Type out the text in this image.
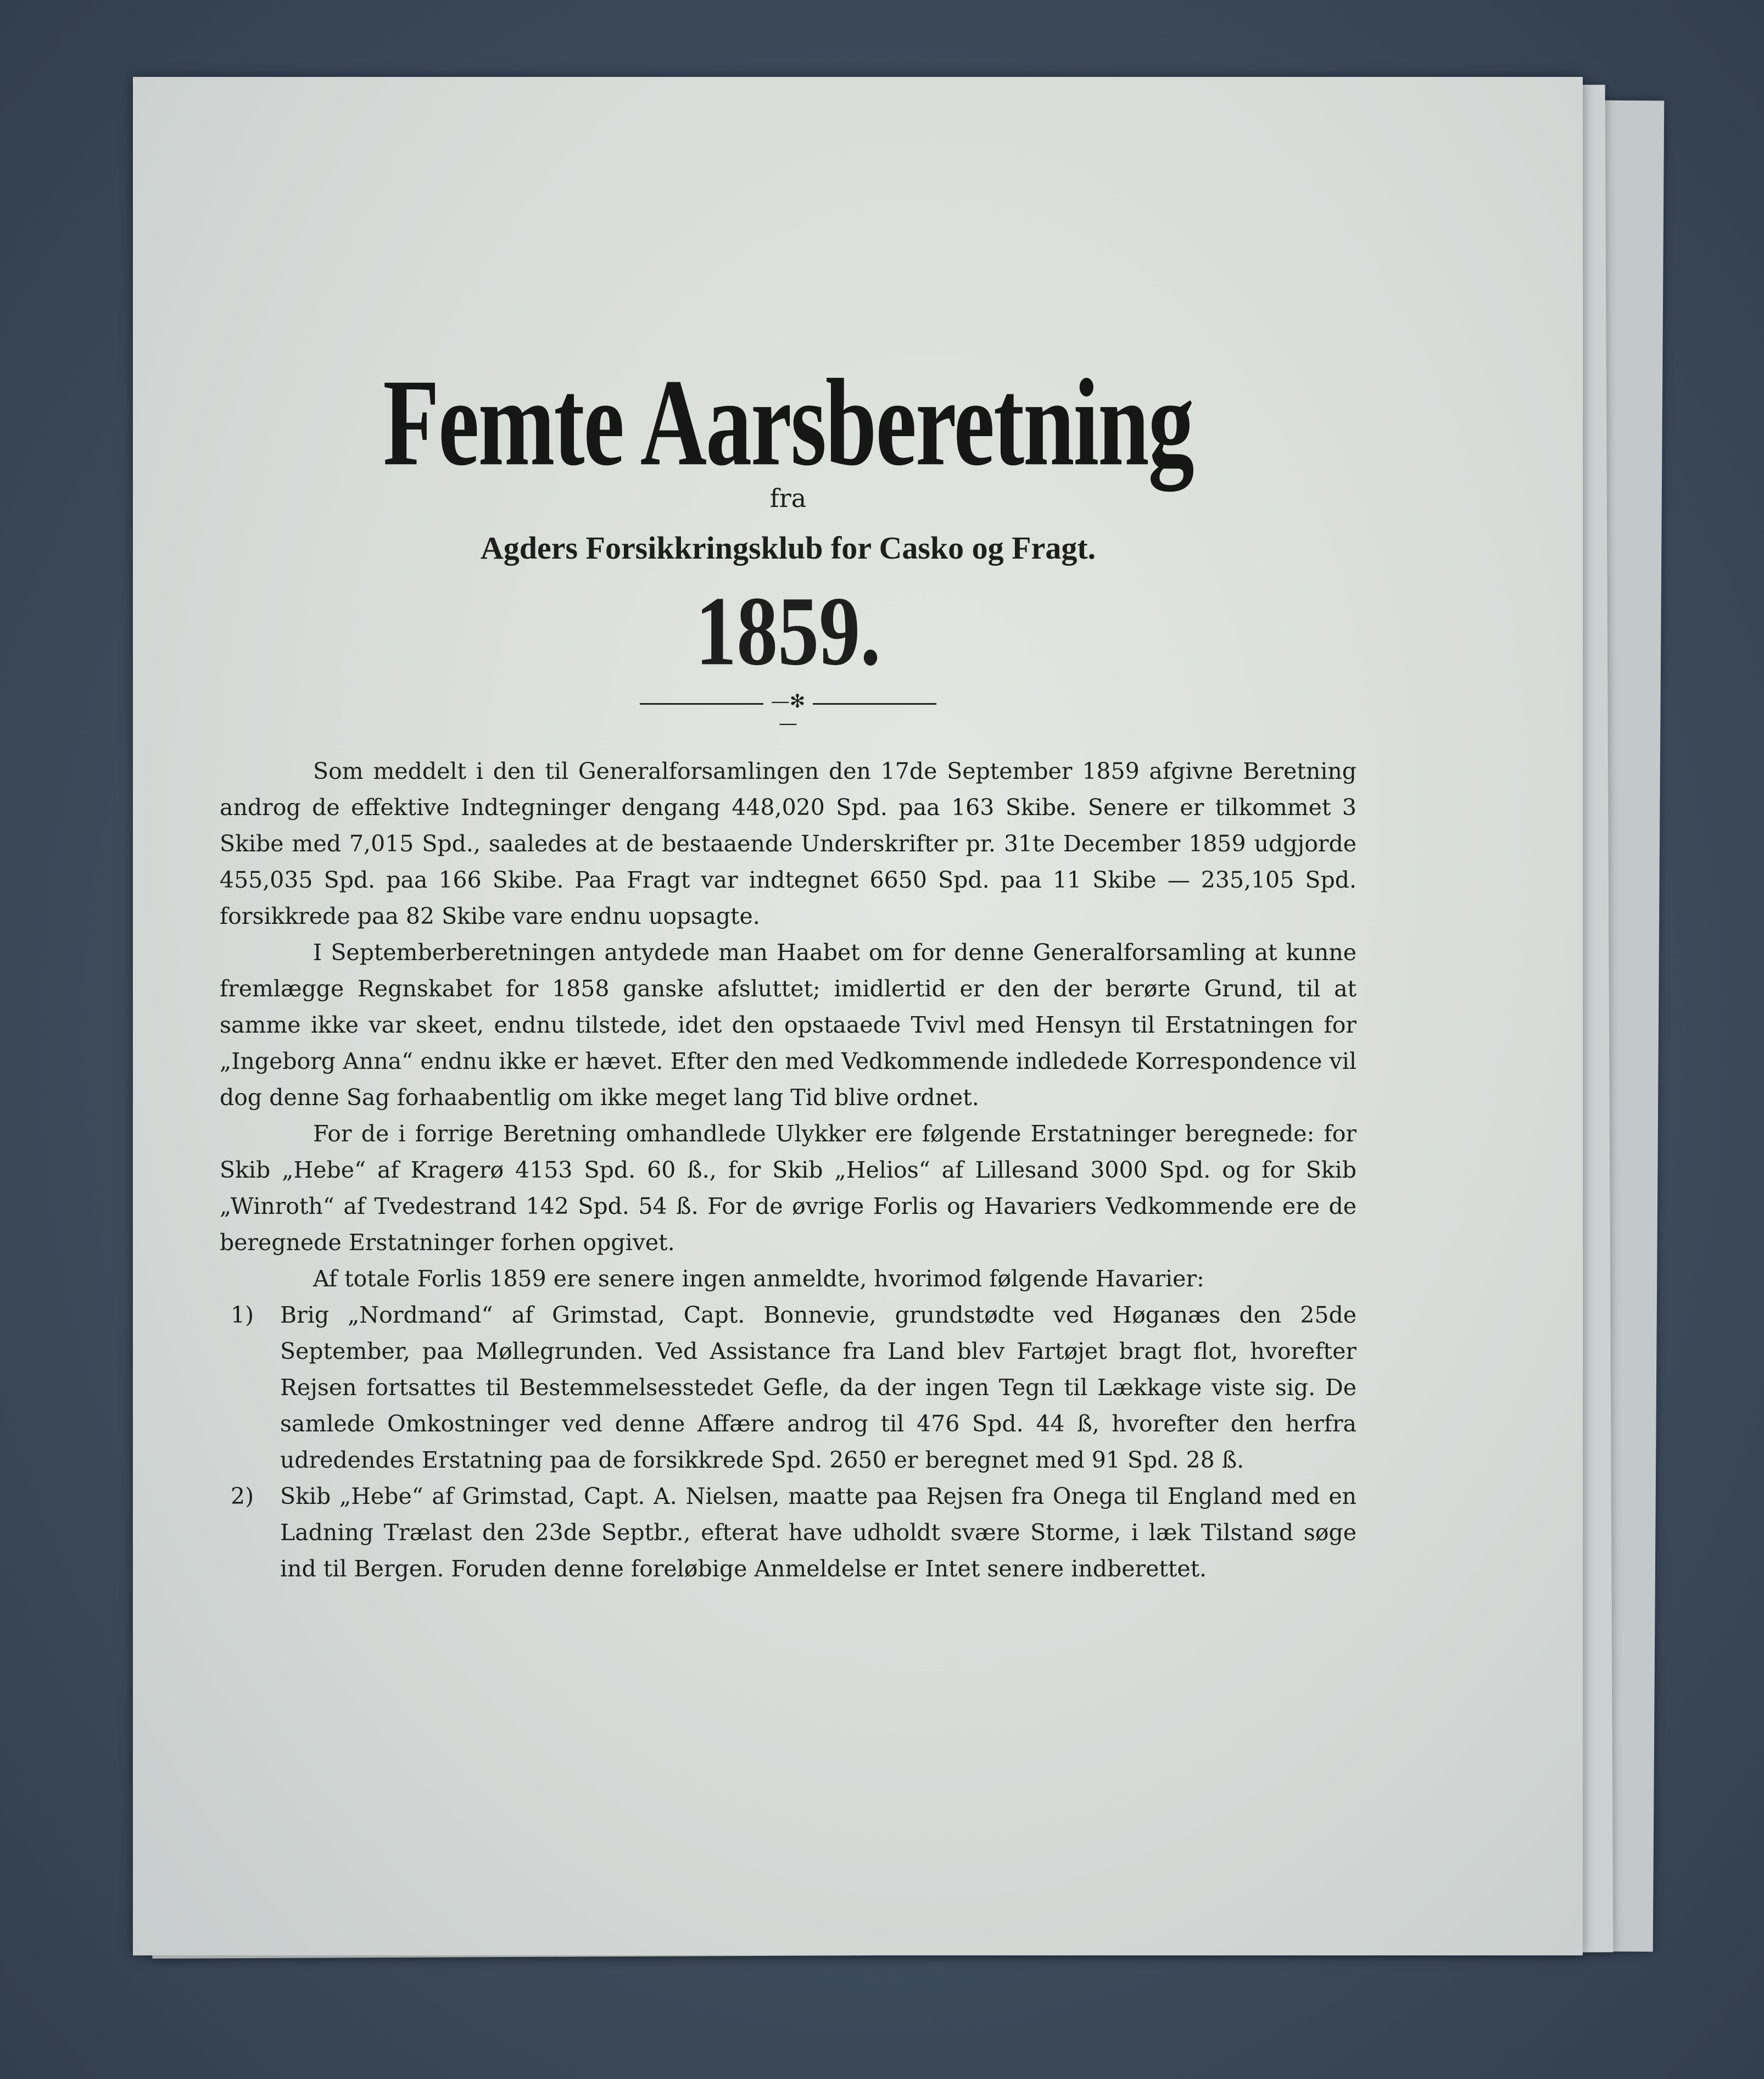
Femte Aarsberetning
fra
Agders Forsikkringsklub for Casko og Fragt.
1859.
—✻—

Som meddelt i den til Generalforsamlingen den 17de September 1859 afgivne Beretning androg de effektive Indtegninger dengang 448,020 Spd. paa 163 Skibe. Senere er tilkommet 3 Skibe med 7,015 Spd., saaledes at de bestaaende Underskrifter pr. 31te December 1859 udgjorde 455,035 Spd. paa 166 Skibe. Paa Fragt var indtegnet 6650 Spd. paa 11 Skibe — 235,105 Spd. forsikkrede paa 82 Skibe vare endnu uopsagte.

I Septemberberetningen antydede man Haabet om for denne Generalforsamling at kunne fremlægge Regnskabet for 1858 ganske afsluttet; imidlertid er den der berørte Grund, til at samme ikke var skeet, endnu tilstede, idet den opstaaede Tvivl med Hensyn til Erstatningen for „Ingeborg Anna“ endnu ikke er hævet. Efter den med Vedkommende indledede Korrespondence vil dog denne Sag forhaabentlig om ikke meget lang Tid blive ordnet.

For de i forrige Beretning omhandlede Ulykker ere følgende Erstatninger beregnede: for Skib „Hebe“ af Kragerø 4153 Spd. 60 ß., for Skib „Helios“ af Lillesand 3000 Spd. og for Skib „Winroth“ af Tvedestrand 142 Spd. 54 ß. For de øvrige Forlis og Havariers Vedkommende ere de beregnede Erstatninger forhen opgivet.

Af totale Forlis 1859 ere senere ingen anmeldte, hvorimod følgende Havarier:

1)	Brig „Nordmand“ af Grimstad, Capt. Bonnevie, grundstødte ved Høganæs den 25de September, paa Møllegrunden. Ved Assistance fra Land blev Fartøjet bragt flot, hvorefter Rejsen fortsattes til Bestemmelsesstedet Gefle, da der ingen Tegn til Lækkage viste sig. De samlede Omkostninger ved denne Affære androg til 476 Spd. 44 ß, hvorefter den herfra udredendes Erstatning paa de forsikkrede Spd. 2650 er beregnet med 91 Spd. 28 ß.
2)	Skib „Hebe“ af Grimstad, Capt. A. Nielsen, maatte paa Rejsen fra Onega til England med en Ladning Trælast den 23de Septbr., efterat have udholdt svære Storme, i læk Tilstand søge ind til Bergen. Foruden denne foreløbige Anmeldelse er Intet senere indberettet.
